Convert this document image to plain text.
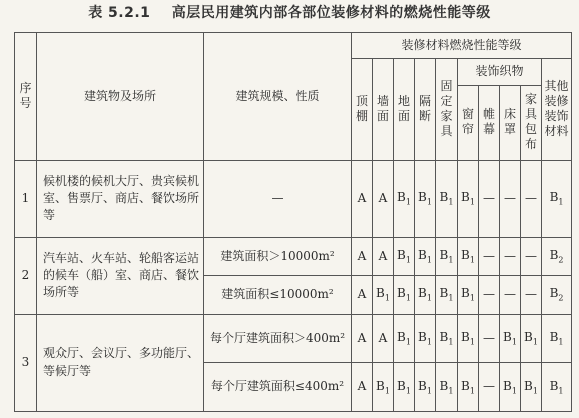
表 5.2.1 高层民用建筑内部各部位装修材料的燃烧性能等级
序号	建筑物及场所	建筑规模、性质	装修材料燃烧性能等级									
			顶棚	墙面	地面	隔断	固定家具	装饰织物				其他装修装饰材料
								窗帘	帷幕	床罩	家具包布	
1	候机楼的候机大厅、贵宾候机室、售票厅、商店、餐饮场所等	—	A	A	$B_1$	$B_1$	$B_1$	$B_1$	—	—	—	$B_1$
2	汽车站、火车站、轮船客运站的候车（船）室、商店、餐饮场所等	建筑面积＞10000m²	A	A	$B_1$	$B_1$	$B_1$	$B_1$	—	—	—	$B_2$
		建筑面积≤10000m²	A	$B_1$	$B_1$	$B_1$	$B_1$	$B_1$	—	—	—	$B_2$
3	观众厅、会议厅、多功能厅、等候厅等	每个厅建筑面积＞400m²	A	A	$B_1$	$B_1$	$B_1$	$B_1$	—	$B_1$	$B_1$	$B_1$
		每个厅建筑面积≤400m²	A	$B_1$	$B_1$	$B_1$	$B_1$	$B_1$	—	$B_1$	$B_1$	$B_1$
